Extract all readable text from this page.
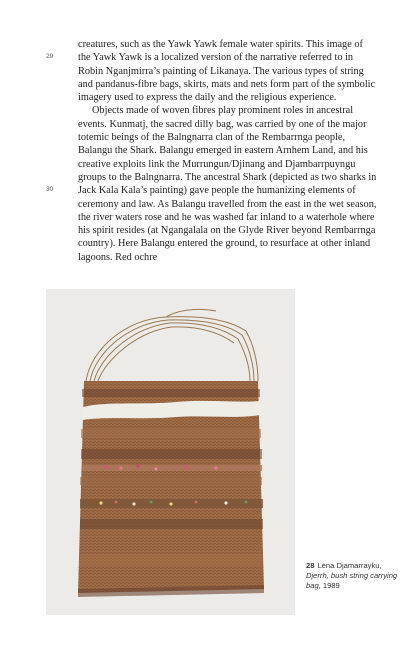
29
30

creatures, such as the Yawk Yawk female water spirits. This image of the Yawk Yawk is a localized version of the narrative referred to in Robin Nganjmirra’s painting of Likanaya. The various types of string and pandanus-fibre bags, skirts, mats and nets form part of the symbolic imagery used to express the daily and the religious experience.

Objects made of woven fibres play prominent roles in ancestral events. Kunmatj, the sacred dilly bag, was carried by one of the major totemic beings of the Balngnarra clan of the Rembarrnga people, Balangu the Shark. Balangu emerged in eastern Arnhem Land, and his creative exploits link the Murrungun/Djinang and Djambarrpuyngu groups to the Balngnarra. The ancestral Shark (depicted as two sharks in Jack Kala Kala’s painting) gave people the humanizing elements of ceremony and law. As Balangu travelled from the east in the wet season, the river waters rose and he was washed far inland to a waterhole where his spirit resides (at Ngangalala on the Glyde River beyond Rembarrnga country). Here Balangu entered the ground, to resurface at other inland lagoons. Red ochre

28 Lena Djamarrayku,
Djerrh, bush string carrying bag, 1989
